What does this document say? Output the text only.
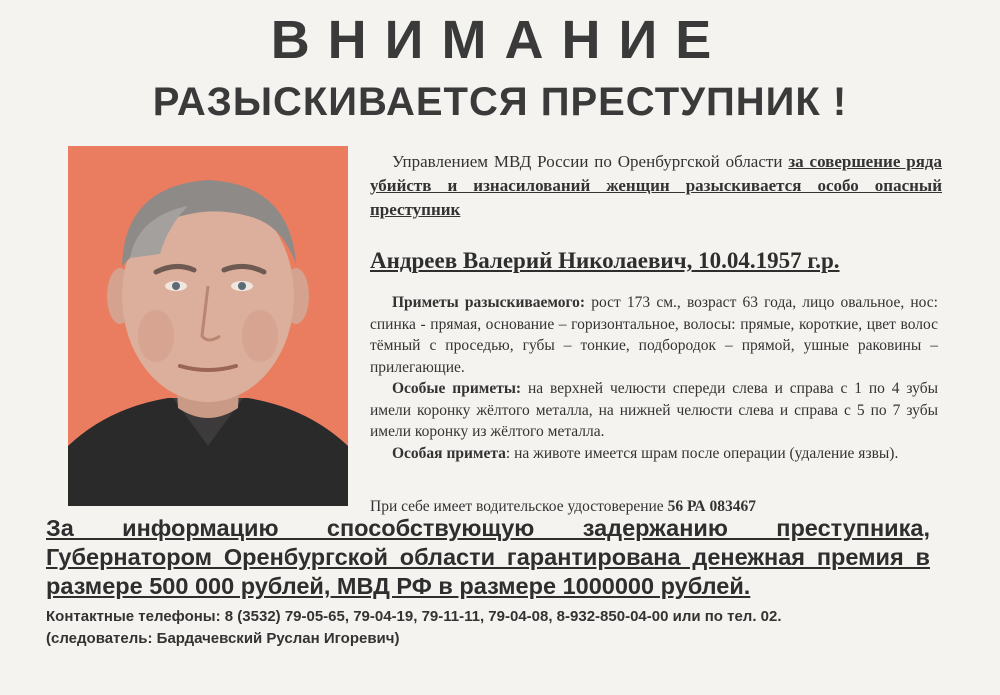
ВНИМАНИЕ
РАЗЫСКИВАЕТСЯ ПРЕСТУПНИК !
Управлением МВД России по Оренбургской области за совершение ряда убийств и изнасилований женщин разыскивается особо опасный преступник
Андреев Валерий Николаевич, 10.04.1957 г.р.

Приметы разыскиваемого: рост 173 см., возраст 63 года, лицо овальное, нос: спинка - прямая, основание – горизонтальное, волосы: прямые, короткие, цвет волос тёмный с проседью, губы – тонкие, подбородок – прямой, ушные раковины – прилегающие.

Особые приметы: на верхней челюсти спереди слева и справа с 1 по 4 зубы имели коронку жёлтого металла, на нижней челюсти слева и справа с 5 по 7 зубы имели коронку из жёлтого металла.

Особая примета: на животе имеется шрам после операции (удаление язвы).

При себе имеет водительское удостоверение 56 РА 083467
За информацию способствующую задержанию преступника, Губернатором Оренбургской области гарантирована денежная премия в размере 500 000 рублей, МВД РФ в размере 1000000 рублей.

Контактные телефоны: 8 (3532) 79-05-65, 79-04-19, 79-11-11, 79-04-08, 8-932-850-04-00 или по тел. 02.

(следователь: Бардачевский Руслан Игоревич)
